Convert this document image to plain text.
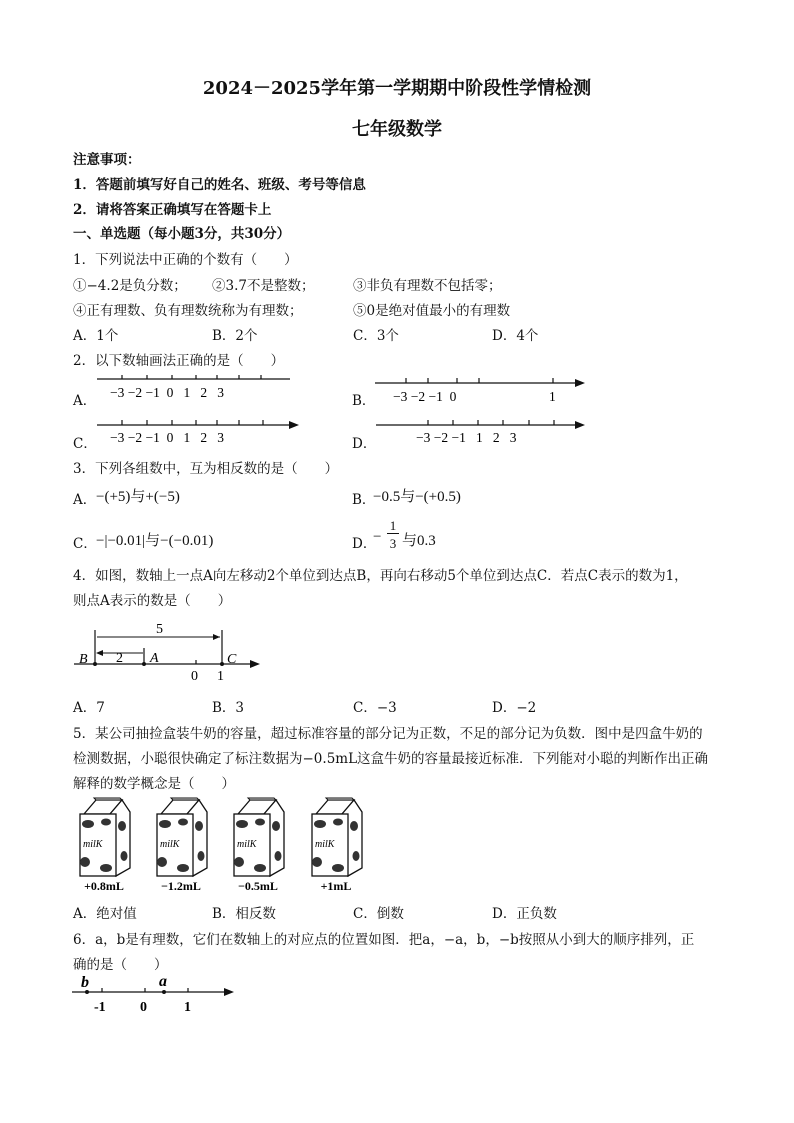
2024－2025学年第一学期期中阶段性学情检测
七年级数学
注意事项：
1．答题前填写好自己的姓名、班级、考号等信息
2．请将答案正确填写在答题卡上
一、单选题（每小题3分，共30分）
1．下列说法中正确的个数有（　　）
①−4.2是负分数； ②3.7不是整数；	③非负有理数不包括零；
④正有理数、负有理数统称为有理数；	⑤0是绝对值最小的有理数
A．1个	B．2个	C．3个	D．4个
2．以下数轴画法正确的是（　　）
A．	B．
C．	D．
−3 −2 −1  0   1   2   3	−3 −2 −1  0	1
−3 −2 −1  0   1   2   3	−3 −2 −1   1   2   3
3．下列各组数中，互为相反数的是（　　）
A． −(+5)与+(−5)	B．
−0.5与−(+0.5)
C． −|−0.01|与−(−0.01)	D．
−
1
3 与0.3
4．如图，数轴上一点A向左移动2个单位到达点B，再向右移动5个单位到达点C．若点C表示的数为1，
则点A表示的数是（　　）
5
2
B	A	C
0 1
A．7	B．3	C．−3	D．−2
5．某公司抽捡盒装牛奶的容量，超过标准容量的部分记为正数，不足的部分记为负数．图中是四盒牛奶的
检测数据，小聪很快确定了标注数据为−0.5mL这盒牛奶的容量最接近标准．下列能对小聪的判断作出正确
解释的数学概念是（　　）
milK
+0.8mL
milK
−1.2mL
milK
−0.5mL
milK
+1mL
A．绝对值	B．相反数	C．倒数	D．正负数
6．a，b是有理数，它们在数轴上的对应点的位置如图．把a，−a，b，−b按照从小到大的顺序排列，正
确的是（　　）
b	a
-1 0	1
